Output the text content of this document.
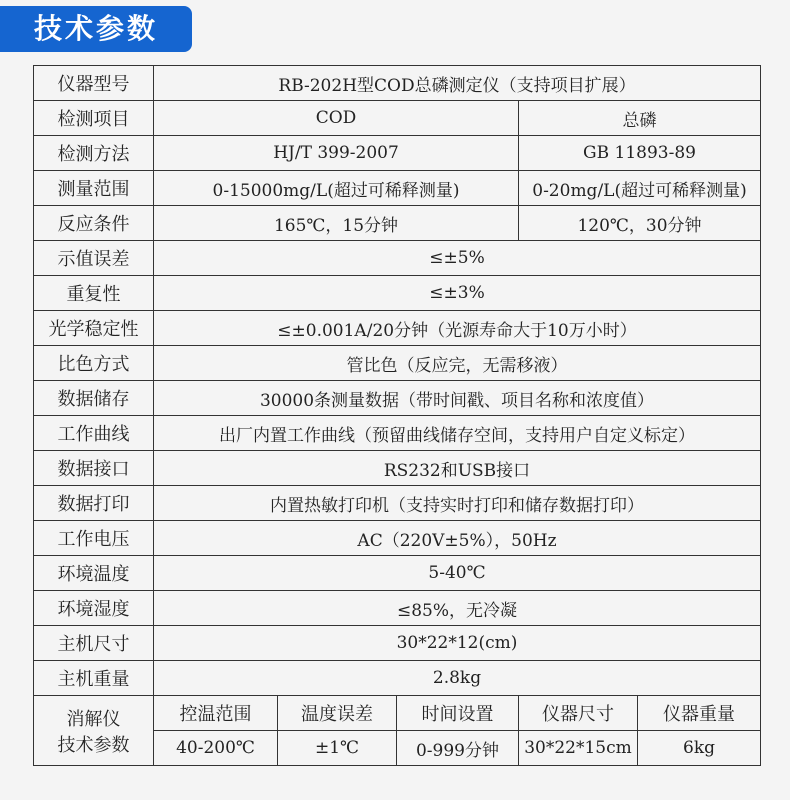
技术参数
仪器型号	RB-202H型COD总磷测定仪（支持项目扩展）				
检测项目	COD			总磷	
检测方法	HJ/T 399-2007			GB 11893-89	
测量范围	0-15000mg/L(超过可稀释测量)			0-20mg/L(超过可稀释测量)	
反应条件	165℃，15分钟			120℃，30分钟	
示值误差	≤±5%				
重复性	≤±3%				
光学稳定性	≤±0.001A/20分钟（光源寿命大于10万小时）				
比色方式	管比色（反应完，无需移液）				
数据储存	30000条测量数据（带时间戳、项目名称和浓度值）				
工作曲线	出厂内置工作曲线（预留曲线储存空间，支持用户自定义标定）				
数据接口	RS232和USB接口				
数据打印	内置热敏打印机（支持实时打印和储存数据打印）				
工作电压	AC（220V±5%），50Hz				
环境温度	5-40℃				
环境湿度	≤85%，无冷凝				
主机尺寸	30*22*12(cm)				
主机重量	2.8kg				

消解仪
技术参数	控温范围	温度误差	时间设置	仪器尺寸	仪器重量
	40-200℃	±1℃	0-999分钟	30*22*15cm	6kg
